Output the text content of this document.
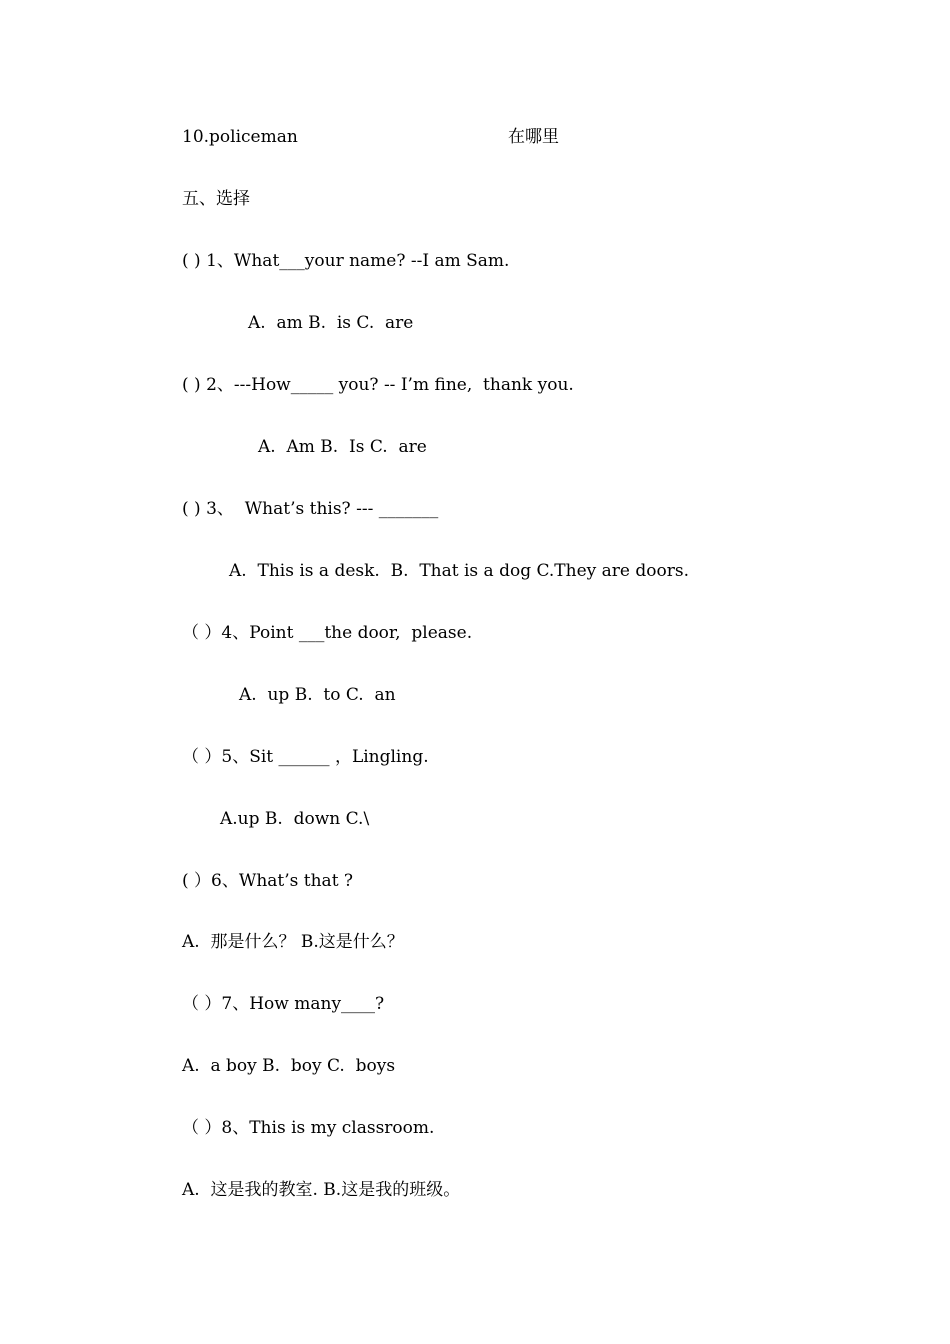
10.policeman	在哪里
五、选择
( ) 1、What___your name? --I am Sam.
A.  am B.  is C.  are
( ) 2、---How_____ you? -- I’m fine,  thank you.
A.  Am B.  Is C.  are
( ) 3、  What’s this? --- _______
A.  This is a desk.  B.  That is a dog C.They are doors.
（ ）4、Point ___the door,  please.
A.  up B.  to C.  an
（ ）5、Sit ______ ，Lingling.
A.up B.  down C.\
( ）6、What’s that ?
A.  那是什么？ B.这是什么？
（ ）7、How many____?
A.  a boy B.  boy C.  boys
（ ）8、This is my classroom.
A.  这是我的教室. B.这是我的班级。
